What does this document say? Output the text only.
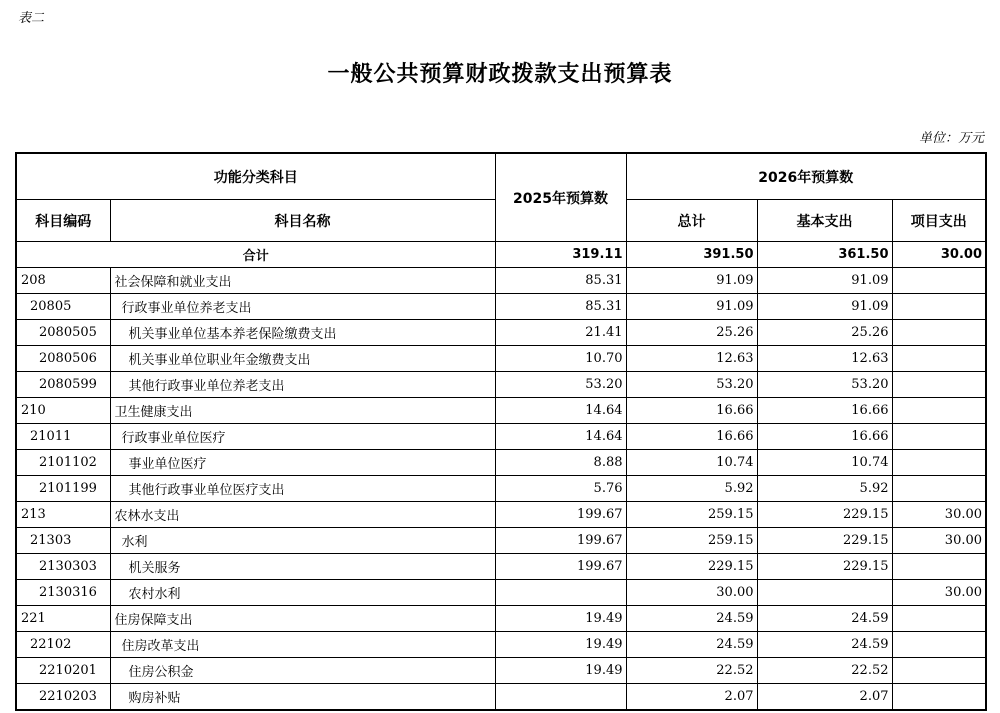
表二
一般公共预算财政拨款支出预算表
单位：万元
功能分类科目		2025年预算数	2026年预算数		
科目编码	科目名称		总计	基本支出	项目支出
合计		319.11	391.50	361.50	30.00
208	社会保障和就业支出	85.31	91.09	91.09	
20805	行政事业单位养老支出	85.31	91.09	91.09	
2080505	机关事业单位基本养老保险缴费支出	21.41	25.26	25.26	
2080506	机关事业单位职业年金缴费支出	10.70	12.63	12.63	
2080599	其他行政事业单位养老支出	53.20	53.20	53.20	
210	卫生健康支出	14.64	16.66	16.66	
21011	行政事业单位医疗	14.64	16.66	16.66	
2101102	事业单位医疗	8.88	10.74	10.74	
2101199	其他行政事业单位医疗支出	5.76	5.92	5.92	
213	农林水支出	199.67	259.15	229.15	30.00
21303	水利	199.67	259.15	229.15	30.00
2130303	机关服务	199.67	229.15	229.15	
2130316	农村水利		30.00		30.00
221	住房保障支出	19.49	24.59	24.59	
22102	住房改革支出	19.49	24.59	24.59	
2210201	住房公积金	19.49	22.52	22.52	
2210203	购房补贴		2.07	2.07	
